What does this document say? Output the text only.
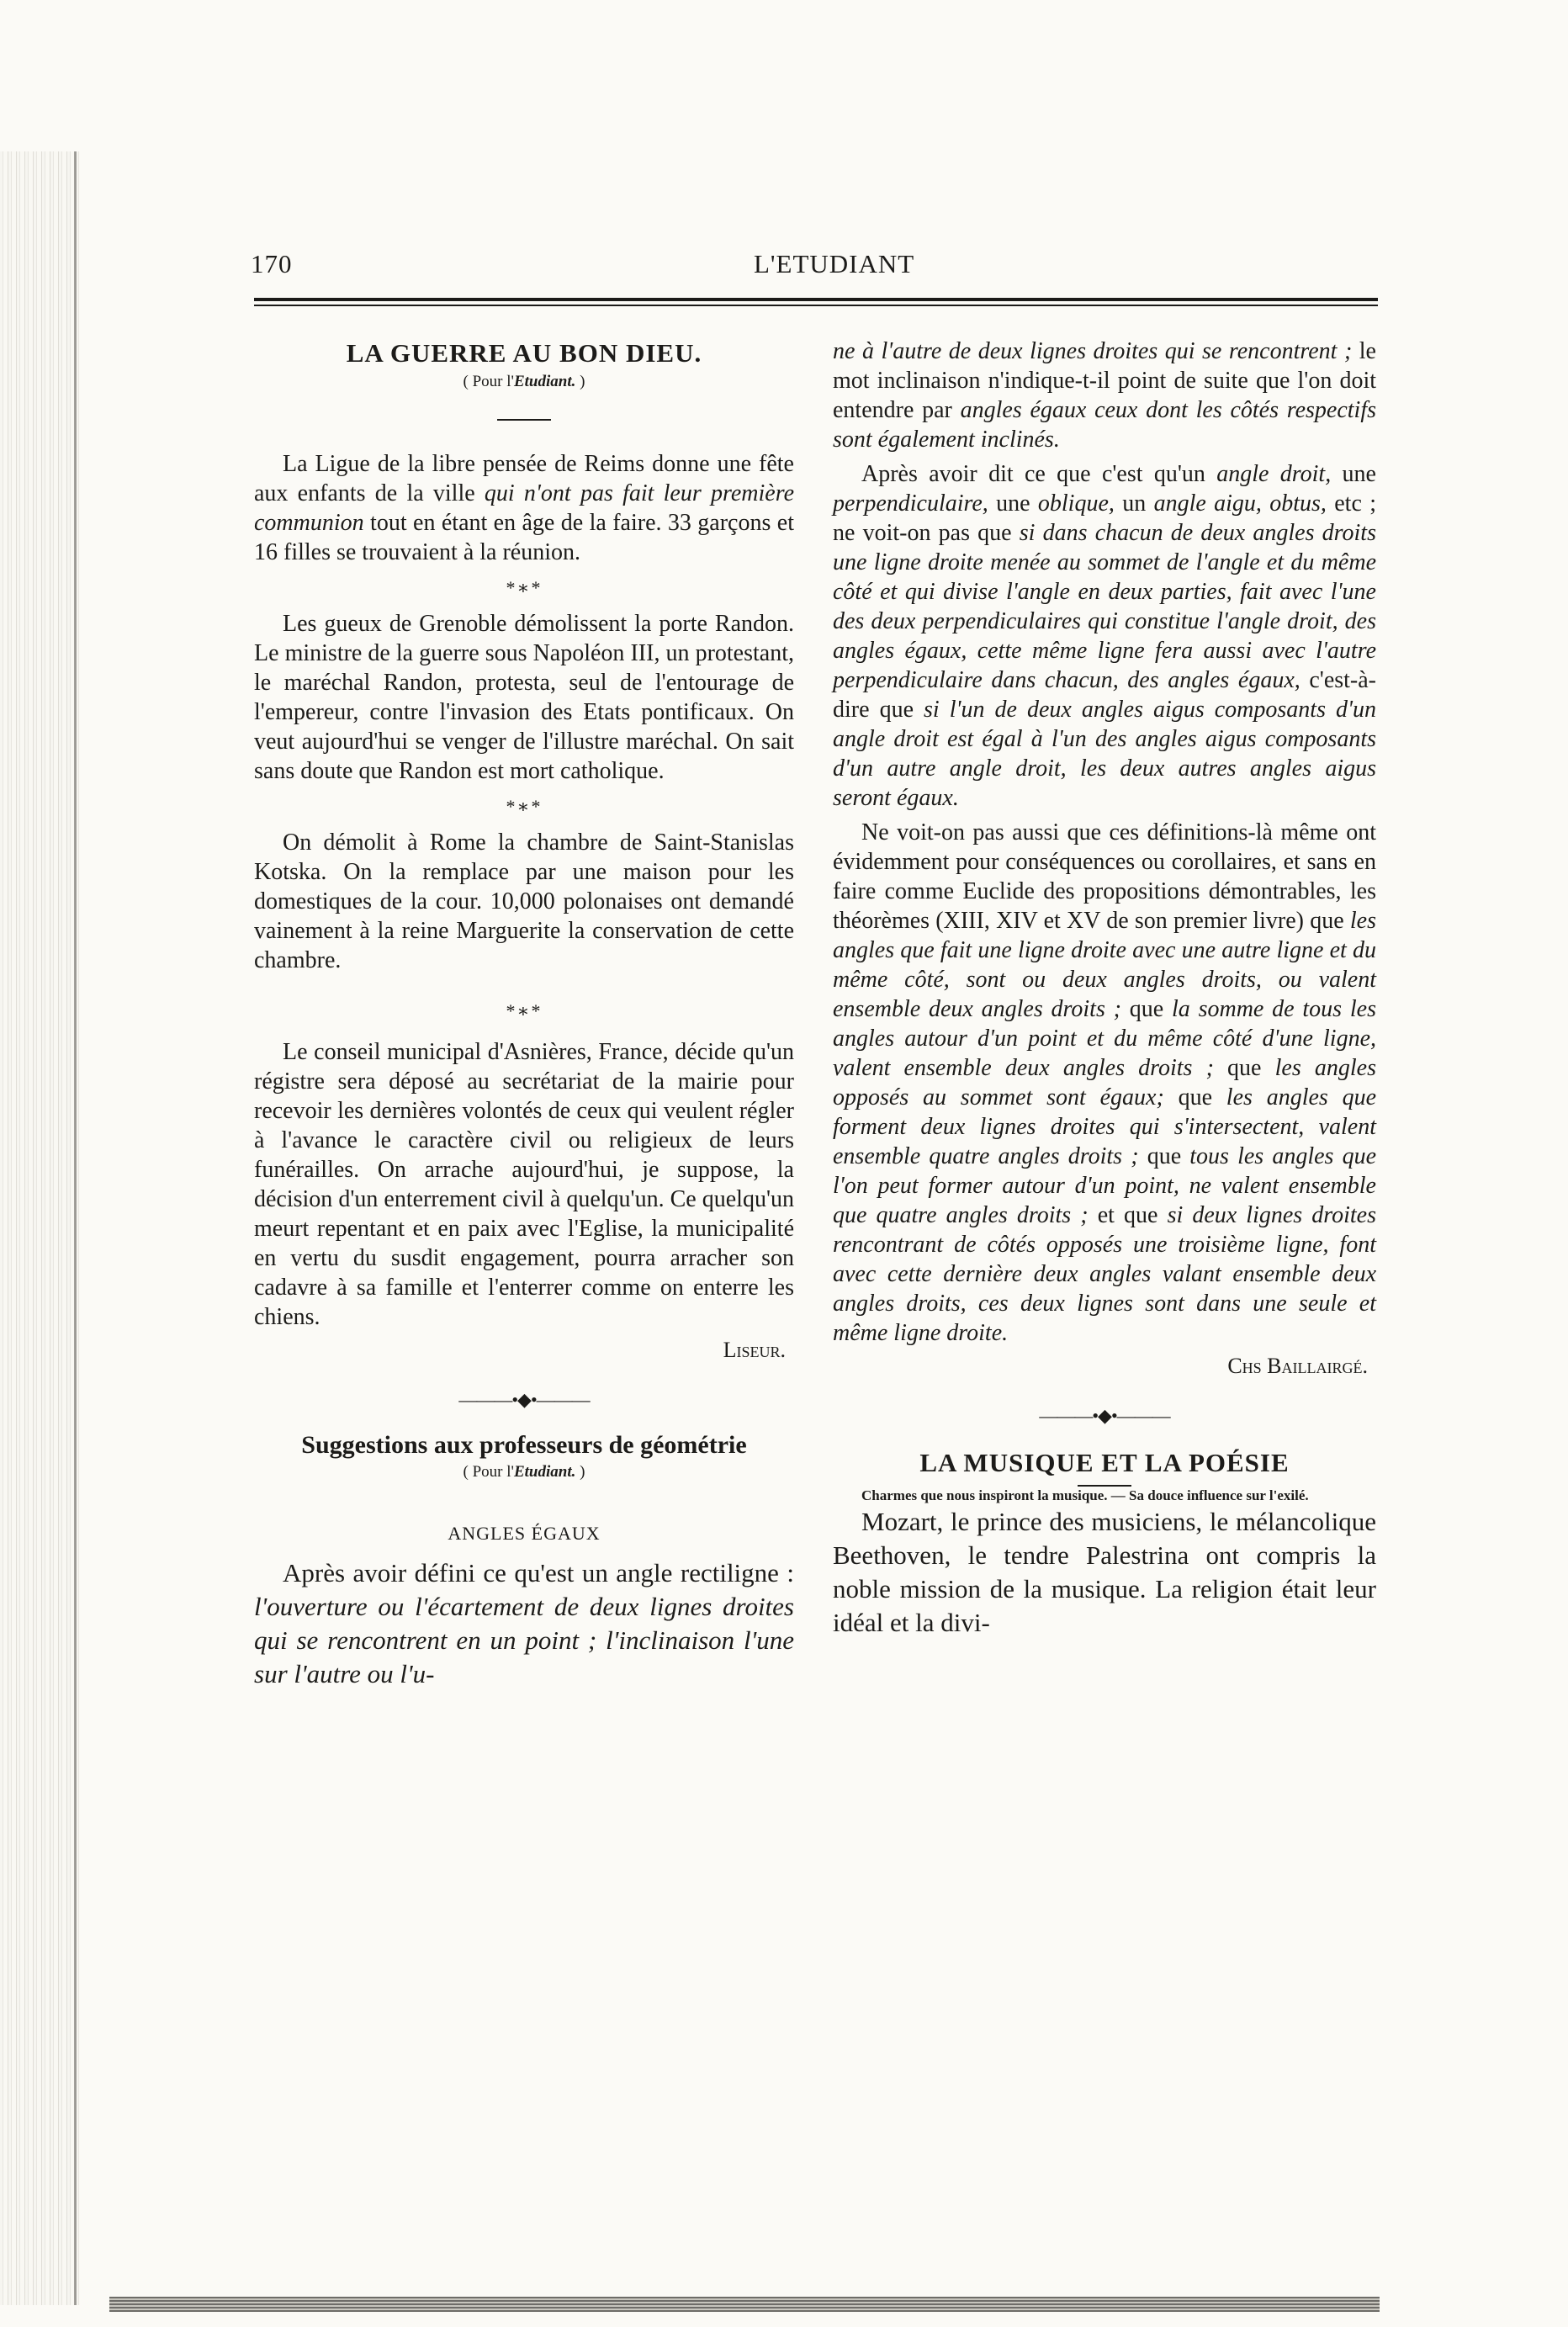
170	L'ETUDIANT
LA GUERRE AU BON DIEU.

( Pour l'Etudiant. )

La Ligue de la libre pensée de Reims donne une fête aux enfants de la ville qui n'ont pas fait leur première communion tout en étant en âge de la faire. 33 garçons et 16 filles se trouvaient à la réunion.

*∗*

Les gueux de Grenoble démolissent la porte Randon. Le ministre de la guerre sous Napoléon III, un protestant, le maréchal Randon, protesta, seul de l'entourage de l'empereur, contre l'invasion des Etats pontificaux. On veut aujourd'hui se venger de l'illustre maréchal. On sait sans doute que Randon est mort catholique.

*∗*

On démolit à Rome la chambre de Saint-Stanislas Kotska. On la remplace par une maison pour les domestiques de la cour. 10,000 polonaises ont demandé vainement à la reine Marguerite la conservation de cette chambre.

*∗*

Le conseil municipal d'Asnières, France, décide qu'un régistre sera déposé au secrétariat de la mairie pour recevoir les dernières volontés de ceux qui veulent régler à l'avance le caractère civil ou religieux de leurs funérailles. On arrache aujourd'hui, je suppose, la décision d'un enterrement civil à quelqu'un. Ce quelqu'un meurt repentant et en paix avec l'Eglise, la municipalité en vertu du susdit engagement, pourra arracher son cadavre à sa famille et l'enterrer comme on enterre les chiens.

Liseur.
———•◆•———
Suggestions aux professeurs de géométrie

( Pour l'Etudiant. )

ANGLES ÉGAUX

Après avoir défini ce qu'est un angle rectiligne : l'ouverture ou l'écartement de deux lignes droites qui se rencontrent en un point ; l'inclinaison l'une sur l'autre ou l'u-

ne à l'autre de deux lignes droites qui se rencontrent ; le mot inclinaison n'indique-t-il point de suite que l'on doit entendre par angles égaux ceux dont les côtés respectifs sont également inclinés.

Après avoir dit ce que c'est qu'un angle droit, une perpendiculaire, une oblique, un angle aigu, obtus, etc ; ne voit-on pas que si dans chacun de deux angles droits une ligne droite menée au sommet de l'angle et du même côté et qui divise l'angle en deux parties, fait avec l'une des deux perpendiculaires qui constitue l'angle droit, des angles égaux, cette même ligne fera aussi avec l'autre perpendiculaire dans chacun, des angles égaux, c'est-à-dire que si l'un de deux angles aigus composants d'un angle droit est égal à l'un des angles aigus composants d'un autre angle droit, les deux autres angles aigus seront égaux.

Ne voit-on pas aussi que ces définitions-là même ont évidemment pour conséquences ou corollaires, et sans en faire comme Euclide des propositions démontrables, les théorèmes (XIII, XIV et XV de son premier livre) que les angles que fait une ligne droite avec une autre ligne et du même côté, sont ou deux angles droits, ou valent ensemble deux angles droits ; que la somme de tous les angles autour d'un point et du même côté d'une ligne, valent ensemble deux angles droits ; que les angles opposés au sommet sont égaux; que les angles que forment deux lignes droites qui s'intersectent, valent ensemble quatre angles droits ; que tous les angles que l'on peut former autour d'un point, ne valent ensemble que quatre angles droits ; et que si deux lignes droites rencontrant de côtés opposés une troisième ligne, font avec cette dernière deux angles valant ensemble deux angles droits, ces deux lignes sont dans une seule et même ligne droite.

Chs Baillairgé.
———•◆•———
LA MUSIQUE ET LA POÉSIE

Charmes que nous inspiront la musique. — Sa douce influence sur l'exilé.

Mozart, le prince des musiciens, le mélancolique Beethoven, le tendre Palestrina ont compris la noble mission de la musique. La religion était leur idéal et la divi-
